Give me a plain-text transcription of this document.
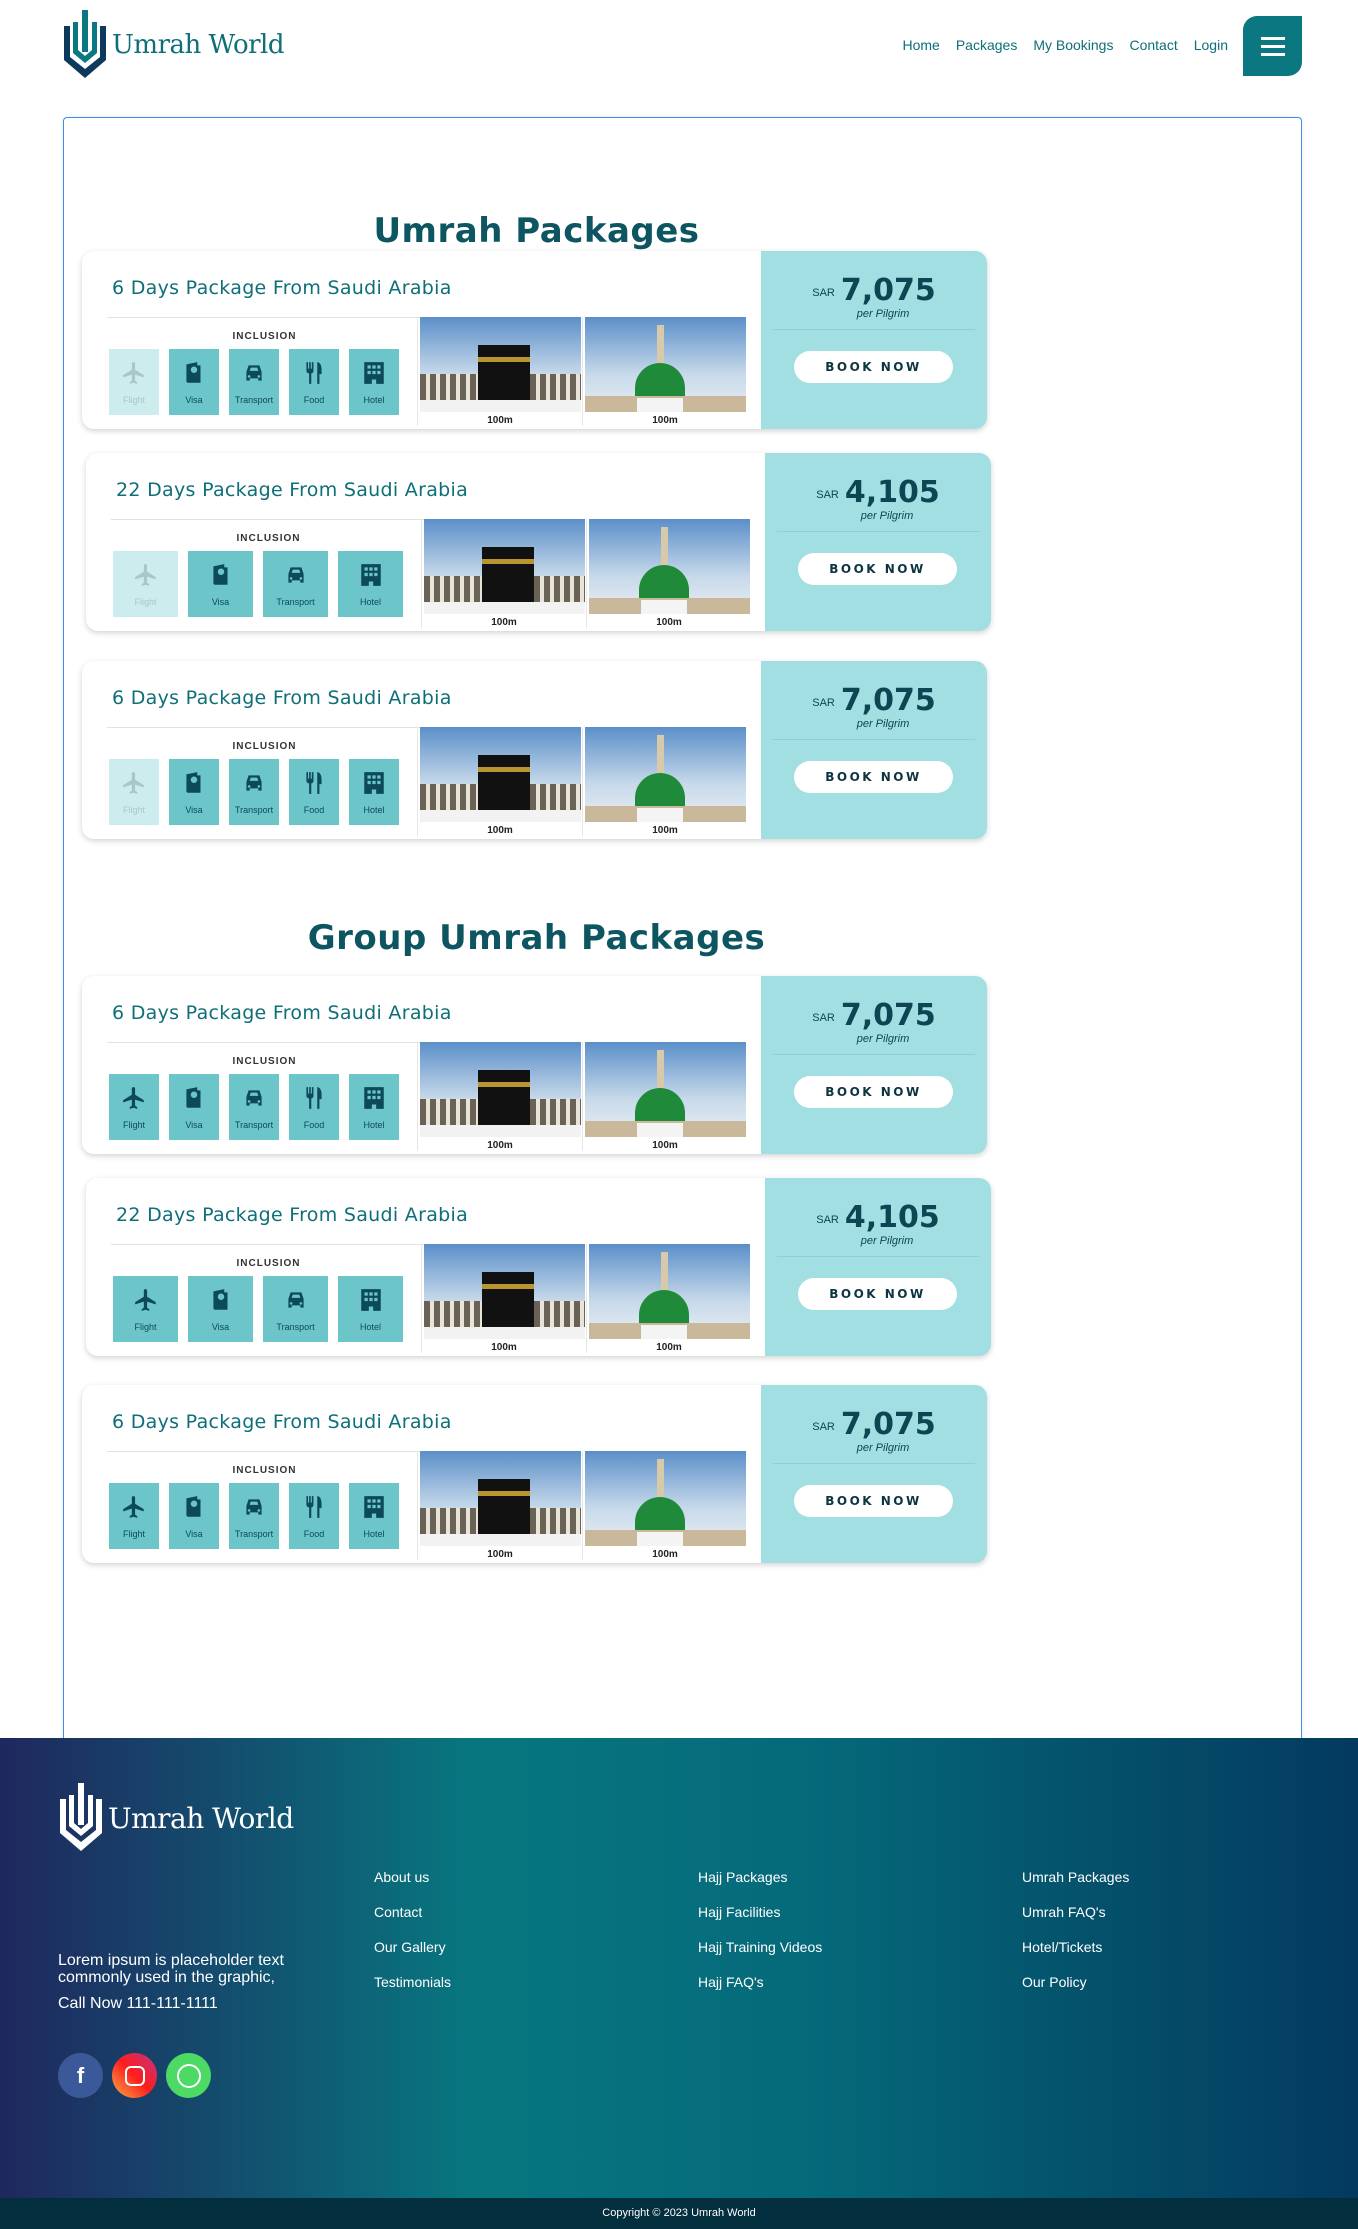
Umrah World	Home Packages My Bookings Contact Login
Umrah Packages
6 Days Package From Saudi Arabia
INCLUSION
Flight	Visa	Transport	Food	Hotel
100m	100m
$^{SAR}$ 7,075
per Pilgrim
BOOK NOW
22 Days Package From Saudi Arabia
INCLUSION
Flight	Visa	Transport	Hotel
100m	100m
$^{SAR}$ 4,105
per Pilgrim
BOOK NOW
6 Days Package From Saudi Arabia
INCLUSION
Flight	Visa	Transport	Food	Hotel
100m	100m
$^{SAR}$ 7,075
per Pilgrim
BOOK NOW
Group Umrah Packages
6 Days Package From Saudi Arabia
INCLUSION
Flight	Visa	Transport	Food	Hotel
100m	100m
$^{SAR}$ 7,075
per Pilgrim
BOOK NOW
22 Days Package From Saudi Arabia
INCLUSION
Flight	Visa	Transport	Hotel
100m	100m
$^{SAR}$ 4,105
per Pilgrim
BOOK NOW
6 Days Package From Saudi Arabia
INCLUSION
Flight	Visa	Transport	Food	Hotel
100m	100m
$^{SAR}$ 7,075
per Pilgrim
BOOK NOW
Umrah World
Lorem ipsum is placeholder text commonly used in the graphic,
Call Now 111-111-1111
f
About us
Contact
Our Gallery
Testimonials
Hajj Packages
Hajj Facilities
Hajj Training Videos
Hajj FAQ's
Umrah Packages
Umrah FAQ's
Hotel/Tickets
Our Policy
Copyright © 2023 Umrah World
